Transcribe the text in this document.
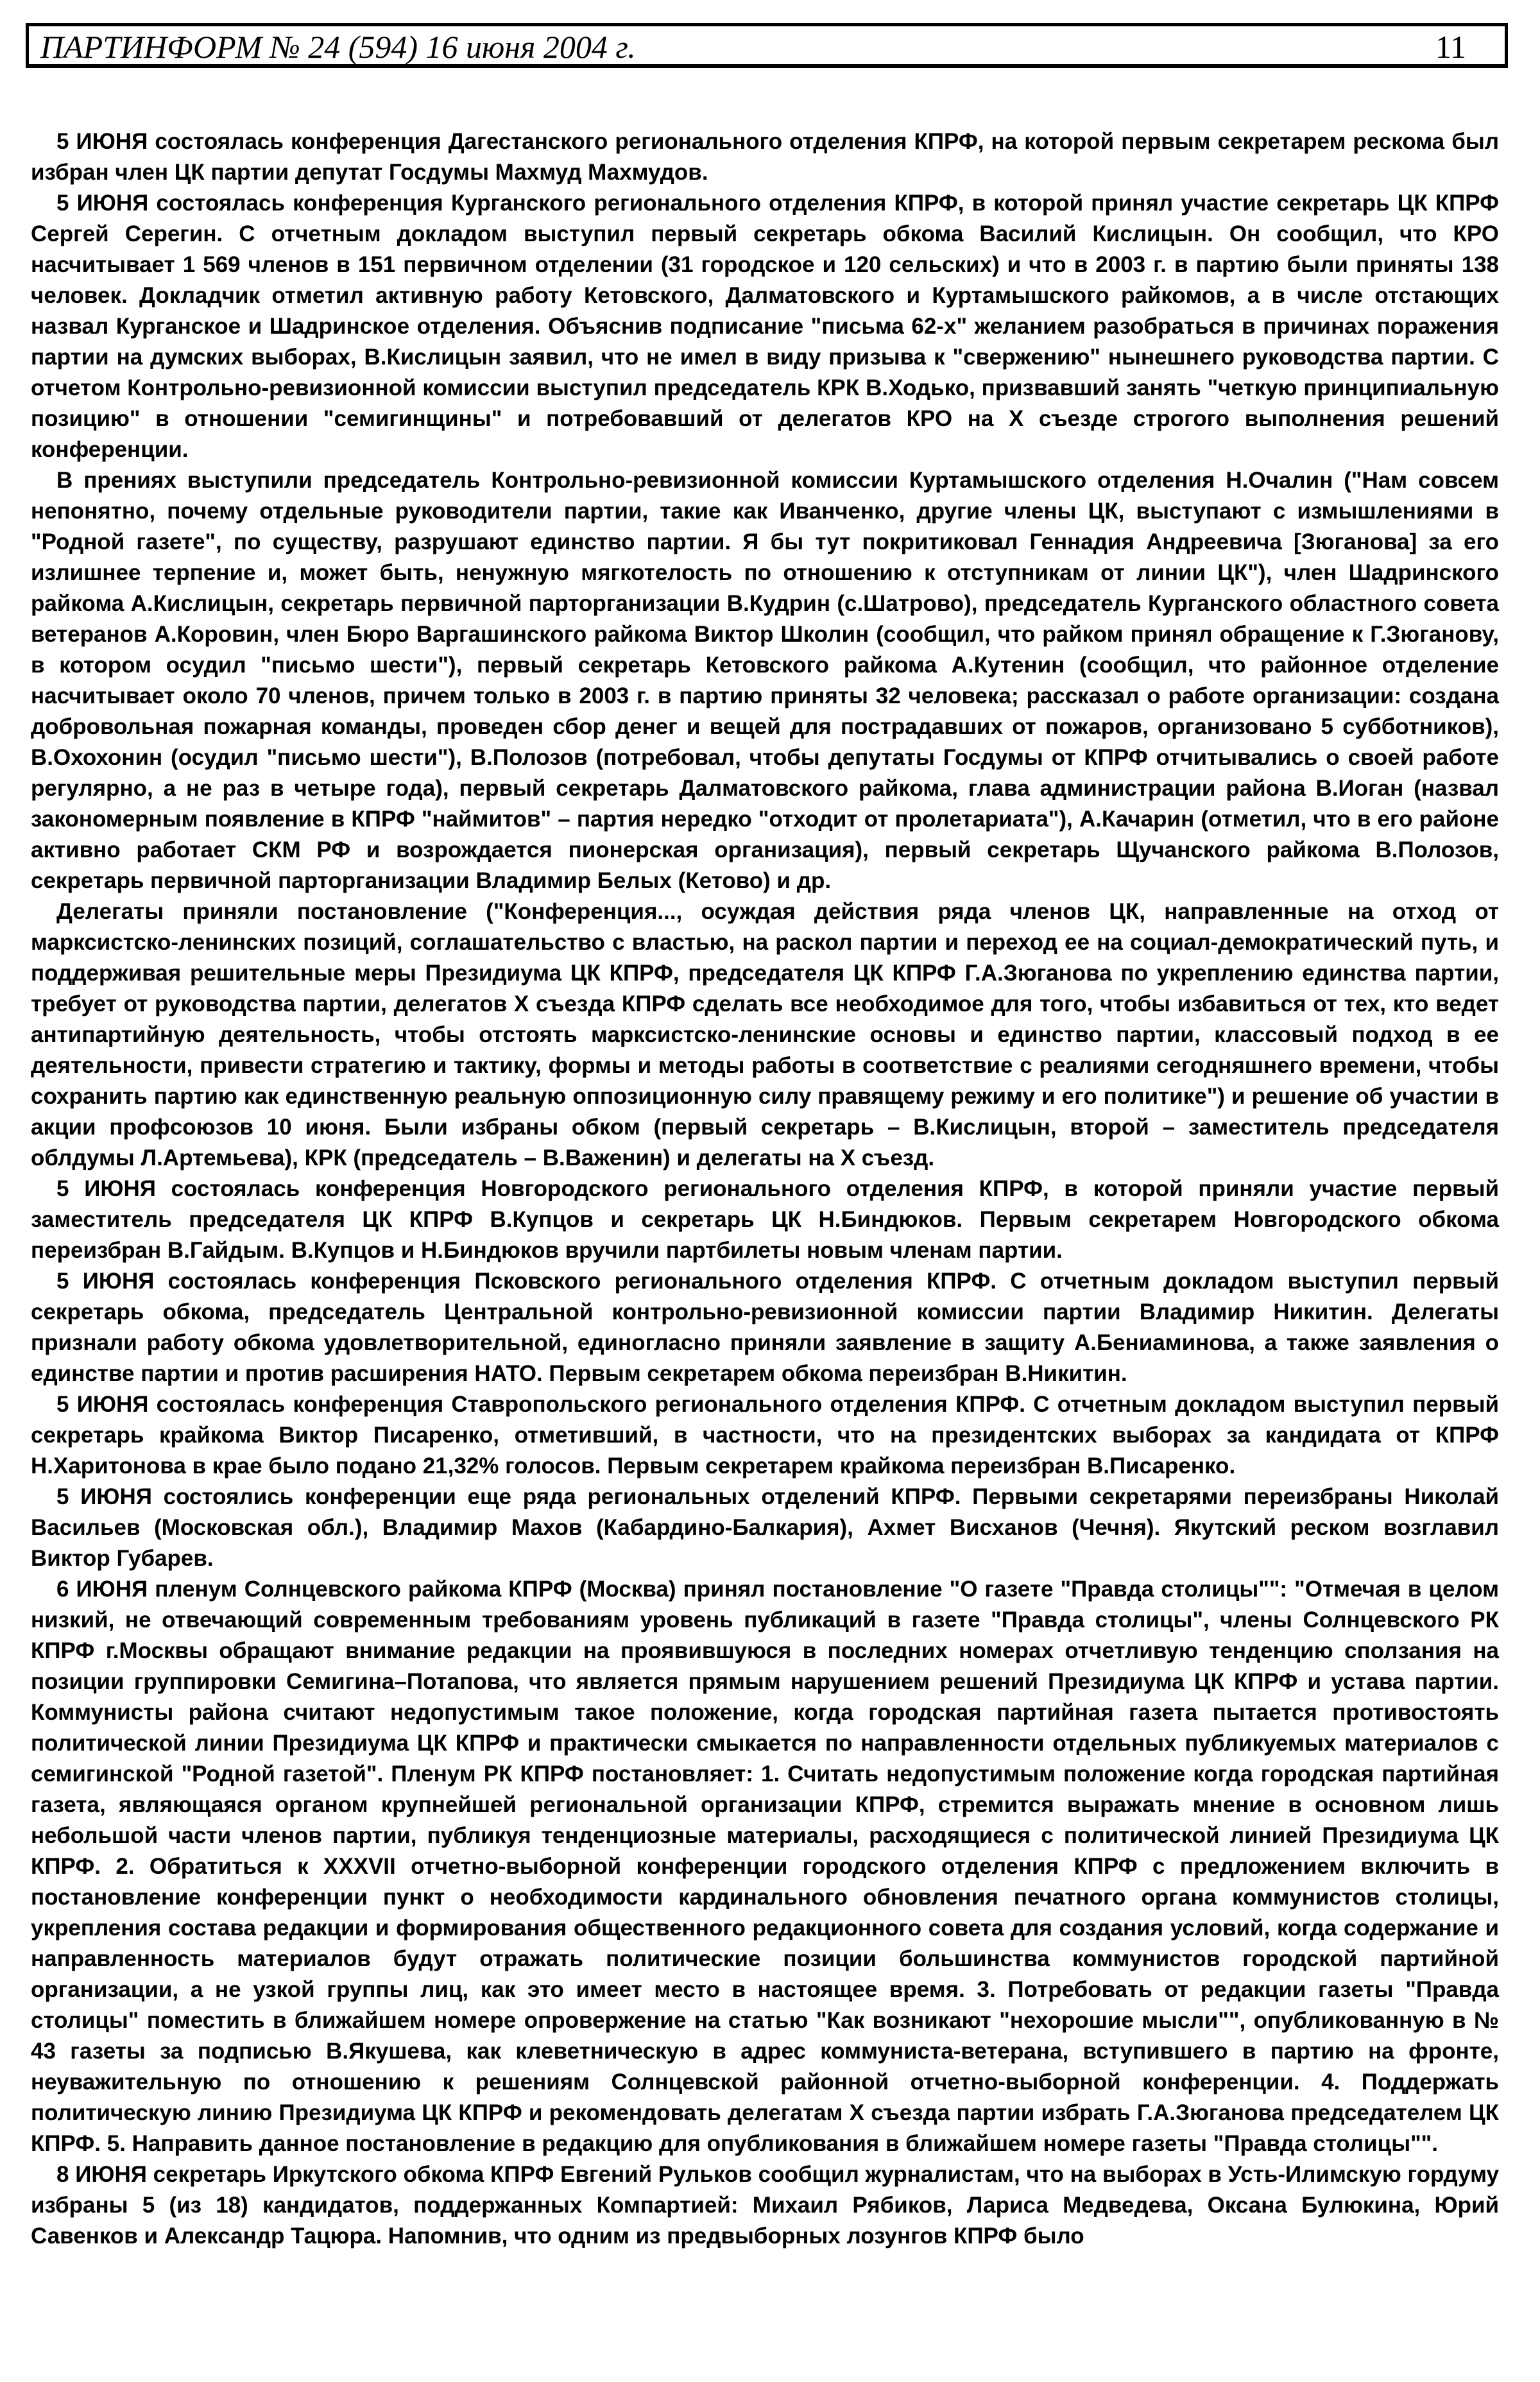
ПАРТИНФОРМ № 24 (594) 16 июня 2004 г.	11

5 ИЮНЯ состоялась конференция Дагестанского регионального отделения КПРФ, на которой первым секретарем рескома был избран член ЦК партии депутат Госдумы Махмуд Махмудов.

5 ИЮНЯ состоялась конференция Курганского регионального отделения КПРФ, в которой принял участие секретарь ЦК КПРФ Сергей Серегин. С отчетным докладом выступил первый секретарь обкома Василий Кислицын. Он сообщил, что КРО насчитывает 1 569 членов в 151 первичном отделении (31 городское и 120 сельских) и что в 2003 г. в партию были приняты 138 человек. Докладчик отметил активную работу Кетовского, Далматовского и Куртамышского райкомов, а в числе отстающих назвал Курганское и Шадринское отделения. Объяснив подписание "письма 62-х" желанием разобраться в причинах поражения партии на думских выборах, В.Кислицын заявил, что не имел в виду призыва к "свержению" нынешнего руководства партии. С отчетом Контрольно-ревизионной комиссии выступил председатель КРК В.Ходько, призвавший занять "четкую принципиальную позицию" в отношении "семигинщины" и потребовавший от делегатов КРО на X съезде строгого выполнения решений конференции.

В прениях выступили председатель Контрольно-ревизионной комиссии Куртамышского отделения Н.Очалин ("Нам совсем непонятно, почему отдельные руководители партии, такие как Иванченко, другие члены ЦК, выступают с измышлениями в "Родной газете", по существу, разрушают единство партии. Я бы тут покритиковал Геннадия Андреевича [Зюганова] за его излишнее терпение и, может быть, ненужную мягкотелость по отношению к отступникам от линии ЦК"), член Шадринского райкома А.Кислицын, секретарь первичной парторганизации В.Кудрин (с.Шатрово), председатель Курганского областного совета ветеранов А.Коровин, член Бюро Варгашинского райкома Виктор Школин (сообщил, что райком принял обращение к Г.Зюганову, в котором осудил "письмо шести"), первый секретарь Кетовского райкома А.Кутенин (сообщил, что районное отделение насчитывает около 70 членов, причем только в 2003 г. в партию приняты 32 человека; рассказал о работе организации: создана добровольная пожарная команды, проведен сбор денег и вещей для пострадавших от пожаров, организовано 5 субботников), В.Охохонин (осудил "письмо шести"), В.Полозов (потребовал, чтобы депутаты Госдумы от КПРФ отчитывались о своей работе регулярно, а не раз в четыре года), первый секретарь Далматовского райкома, глава администрации района В.Иоган (назвал закономерным появление в КПРФ "наймитов" – партия нередко "отходит от пролетариата"), А.Качарин (отметил, что в его районе активно работает СКМ РФ и возрождается пионерская организация), первый секретарь Щучанского райкома В.Полозов, секретарь первичной парторганизации Владимир Белых (Кетово) и др.

Делегаты приняли постановление ("Конференция..., осуждая действия ряда членов ЦК, направленные на отход от марксистско-ленинских позиций, соглашательство с властью, на раскол партии и переход ее на социал-демократический путь, и поддерживая решительные меры Президиума ЦК КПРФ, председателя ЦК КПРФ Г.А.Зюганова по укреплению единства партии, требует от руководства партии, делегатов X съезда КПРФ сделать все необходимое для того, чтобы избавиться от тех, кто ведет антипартийную деятельность, чтобы отстоять марксистско-ленинские основы и единство партии, классовый подход в ее деятельности, привести стратегию и тактику, формы и методы работы в соответствие с реалиями сегодняшнего времени, чтобы сохранить партию как единственную реальную оппозиционную силу правящему режиму и его политике") и решение об участии в акции профсоюзов 10 июня. Были избраны обком (первый секретарь – В.Кислицын, второй – заместитель председателя облдумы Л.Артемьева), КРК (председатель – В.Важенин) и делегаты на X съезд.

5 ИЮНЯ состоялась конференция Новгородского регионального отделения КПРФ, в которой приняли участие первый заместитель председателя ЦК КПРФ В.Купцов и секретарь ЦК Н.Биндюков. Первым секретарем Новгородского обкома переизбран В.Гайдым. В.Купцов и Н.Биндюков вручили партбилеты новым членам партии.

5 ИЮНЯ состоялась конференция Псковского регионального отделения КПРФ. С отчетным докладом выступил первый секретарь обкома, председатель Центральной контрольно-ревизионной комиссии партии Владимир Никитин. Делегаты признали работу обкома удовлетворительной, единогласно приняли заявление в защиту А.Бениаминова, а также заявления о единстве партии и против расширения НАТО. Первым секретарем обкома переизбран В.Никитин.

5 ИЮНЯ состоялась конференция Ставропольского регионального отделения КПРФ. С отчетным докладом выступил первый секретарь крайкома Виктор Писаренко, отметивший, в частности, что на президентских выборах за кандидата от КПРФ Н.Харитонова в крае было подано 21,32% голосов. Первым секретарем крайкома переизбран В.Писаренко.

5 ИЮНЯ состоялись конференции еще ряда региональных отделений КПРФ. Первыми секретарями переизбраны Николай Васильев (Московская обл.), Владимир Махов (Кабардино-Балкария), Ахмет Висханов (Чечня). Якутский реском возглавил Виктор Губарев.

6 ИЮНЯ пленум Солнцевского райкома КПРФ (Москва) принял постановление "О газете "Правда столицы"": "Отмечая в целом низкий, не отвечающий современным требованиям уровень публикаций в газете "Правда столицы", члены Солнцевского РК КПРФ г.Москвы обращают внимание редакции на проявившуюся в последних номерах отчетливую тенденцию сползания на позиции группировки Семигина–Потапова, что является прямым нарушением решений Президиума ЦК КПРФ и устава партии. Коммунисты района считают недопустимым такое положение, когда городская партийная газета пытается противостоять политической линии Президиума ЦК КПРФ и практически смыкается по направленности отдельных публикуемых материалов с семигинской "Родной газетой". Пленум РК КПРФ постановляет: 1. Считать недопустимым положение когда городская партийная газета, являющаяся органом крупнейшей региональной организации КПРФ, стремится выражать мнение в основном лишь небольшой части членов партии, публикуя тенденциозные материалы, расходящиеся с политической линией Президиума ЦК КПРФ. 2. Обратиться к XXXVII отчетно-выборной конференции городского отделения КПРФ с предложением включить в постановление конференции пункт о необходимости кардинального обновления печатного органа коммунистов столицы, укрепления состава редакции и формирования общественного редакционного совета для создания условий, когда содержание и направленность материалов будут отражать политические позиции большинства коммунистов городской партийной организации, а не узкой группы лиц, как это имеет место в настоящее время. 3. Потребовать от редакции газеты "Правда столицы" поместить в ближайшем номере опровержение на статью "Как возникают "нехорошие мысли"", опубликованную в № 43 газеты за подписью В.Якушева, как клеветническую в адрес коммуниста-ветерана, вступившего в партию на фронте, неуважительную по отношению к решениям Солнцевской районной отчетно-выборной конференции. 4. Поддержать политическую линию Президиума ЦК КПРФ и рекомендовать делегатам X съезда партии избрать Г.А.Зюганова председателем ЦК КПРФ. 5. Направить данное постановление в редакцию для опубликования в ближайшем номере газеты "Правда столицы"".

8 ИЮНЯ секретарь Иркутского обкома КПРФ Евгений Рульков сообщил журналистам, что на выборах в Усть-Илимскую гордуму избраны 5 (из 18) кандидатов, поддержанных Компартией: Михаил Рябиков, Лариса Медведева, Оксана Булюкина, Юрий Савенков и Александр Тацюра. Напомнив, что одним из предвыборных лозунгов КПРФ было
